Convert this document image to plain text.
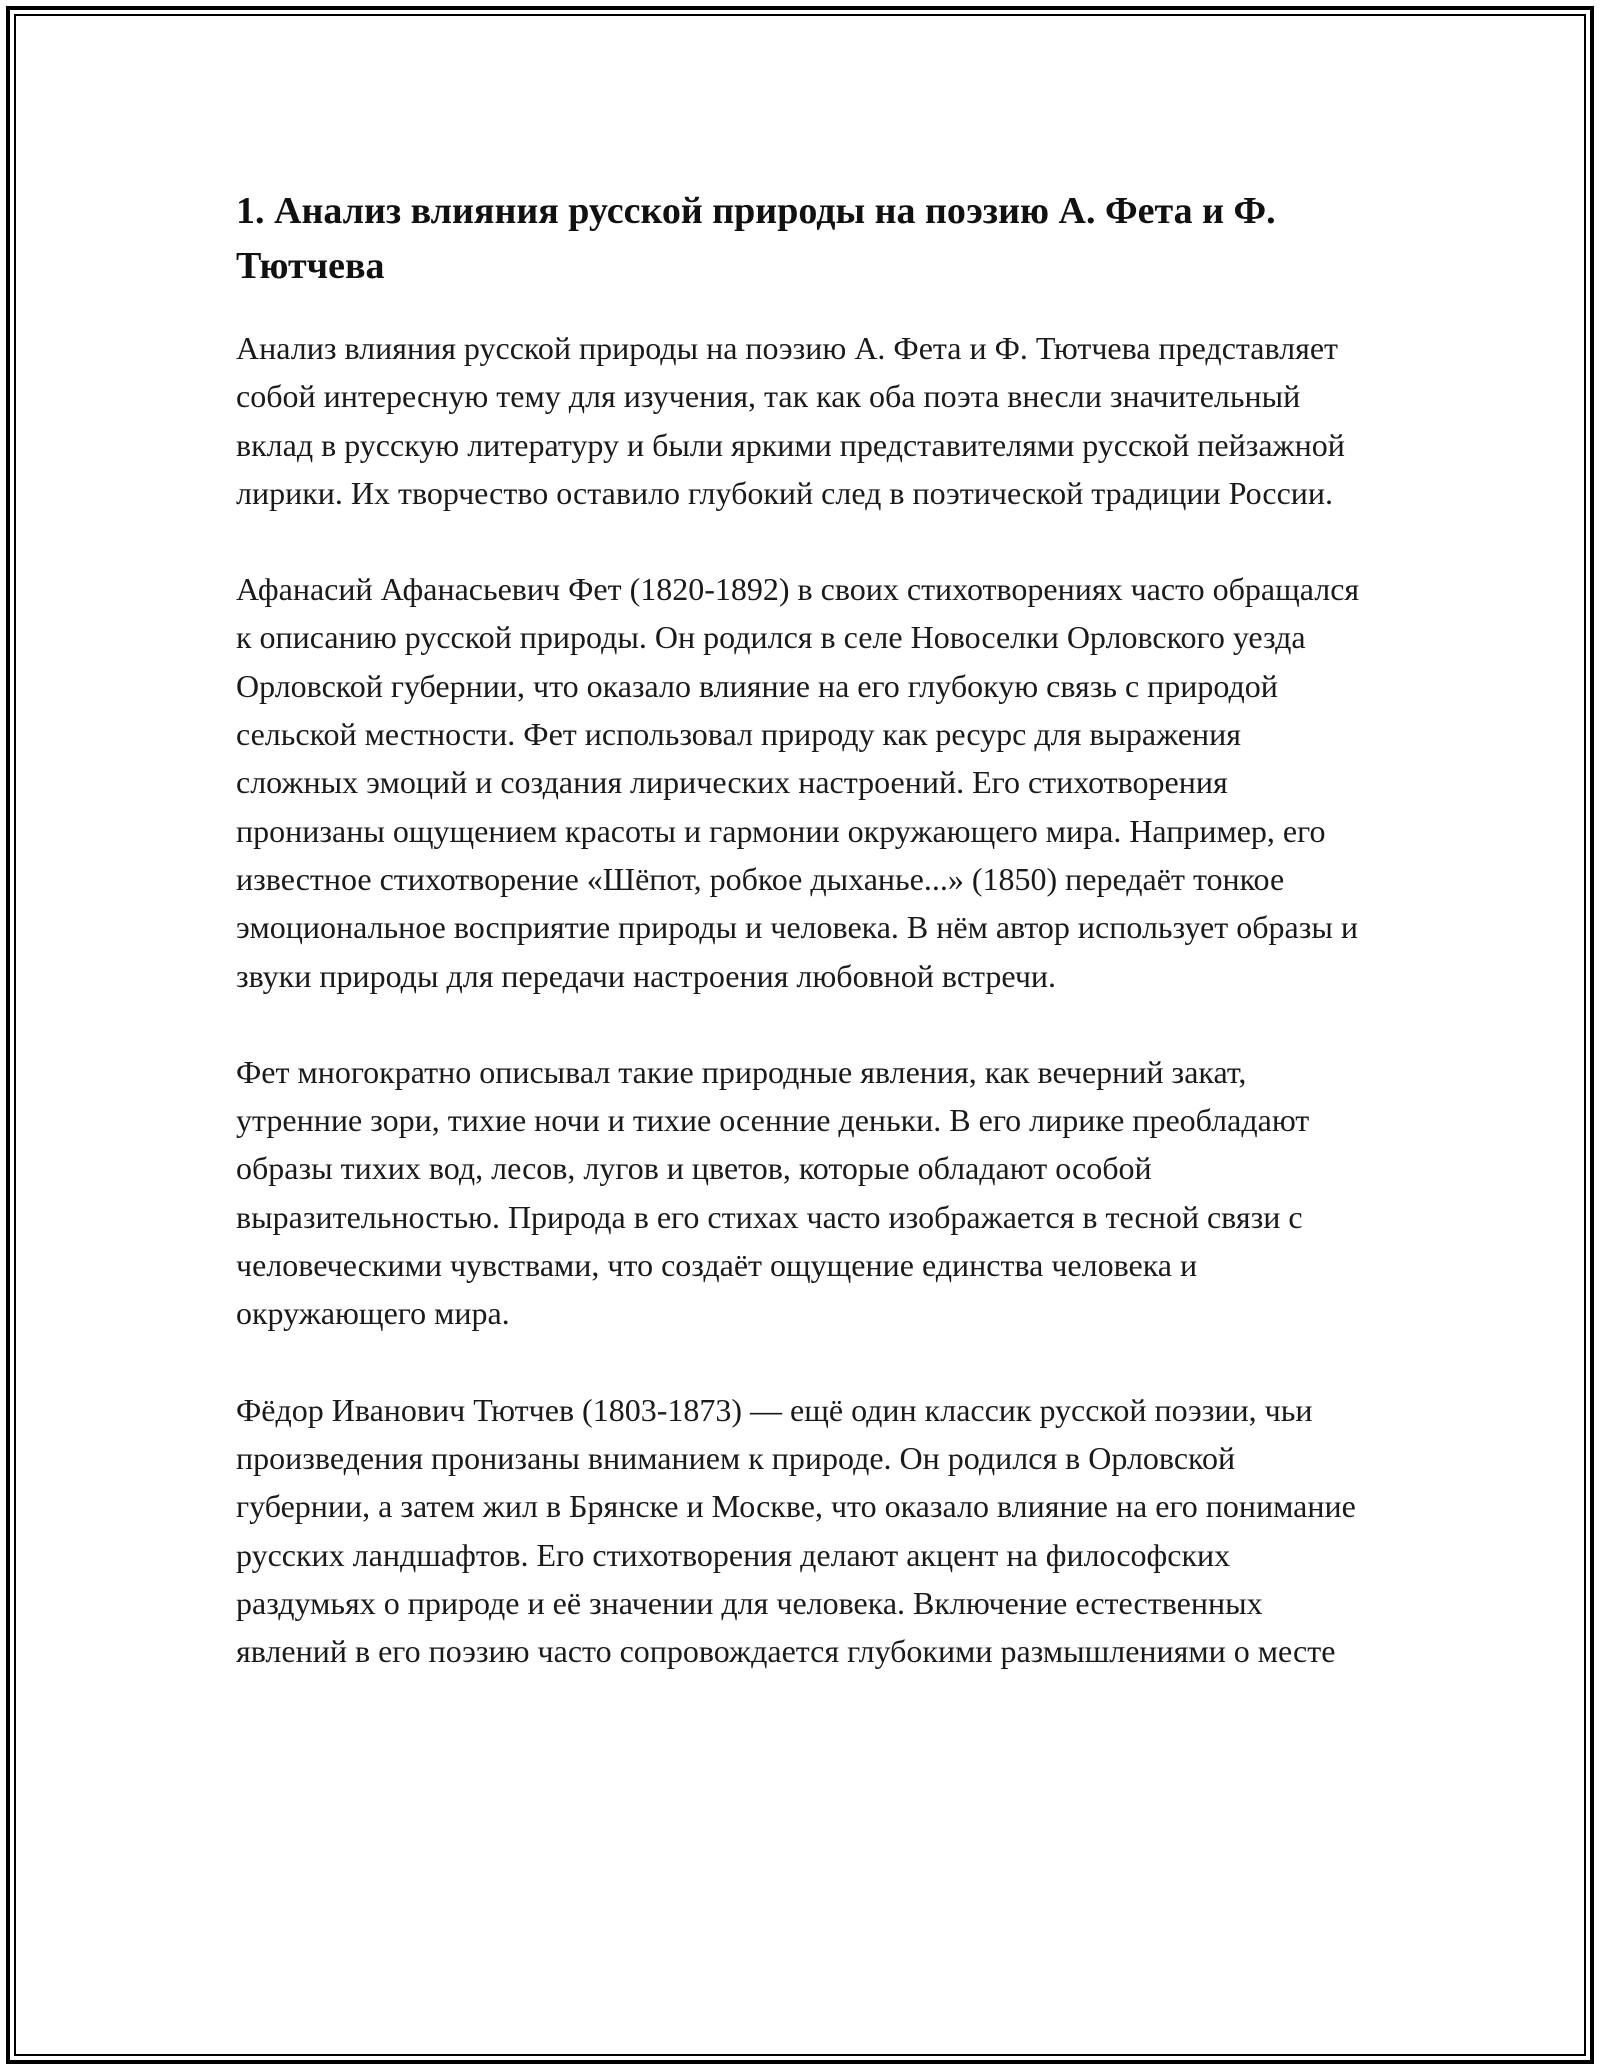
1. Анализ влияния русской природы на поэзию А. Фета и Ф. Тютчева

Анализ влияния русской природы на поэзию А. Фета и Ф. Тютчева представляет собой интересную тему для изучения, так как оба поэта внесли значительный вклад в русскую литературу и были яркими представителями русской пейзажной лирики. Их творчество оставило глубокий след в поэтической традиции России.

Афанасий Афанасьевич Фет (1820-1892) в своих стихотворениях часто обращался к описанию русской природы. Он родился в селе Новоселки Орловского уезда Орловской губернии, что оказало влияние на его глубокую связь с природой сельской местности. Фет использовал природу как ресурс для выражения сложных эмоций и создания лирических настроений. Его стихотворения пронизаны ощущением красоты и гармонии окружающего мира. Например, его известное стихотворение «Шёпот, робкое дыханье...» (1850) передаёт тонкое эмоциональное восприятие природы и человека. В нём автор использует образы и звуки природы для передачи настроения любовной встречи.

Фет многократно описывал такие природные явления, как вечерний закат, утренние зори, тихие ночи и тихие осенние деньки. В его лирике преобладают образы тихих вод, лесов, лугов и цветов, которые обладают особой выразительностью. Природа в его стихах часто изображается в тесной связи с человеческими чувствами, что создаёт ощущение единства человека и окружающего мира.

Фёдор Иванович Тютчев (1803-1873) — ещё один классик русской поэзии, чьи произведения пронизаны вниманием к природе. Он родился в Орловской губернии, а затем жил в Брянске и Москве, что оказало влияние на его понимание русских ландшафтов. Его стихотворения делают акцент на философских раздумьях о природе и её значении для человека. Включение естественных явлений в его поэзию часто сопровождается глубокими размышлениями о месте
